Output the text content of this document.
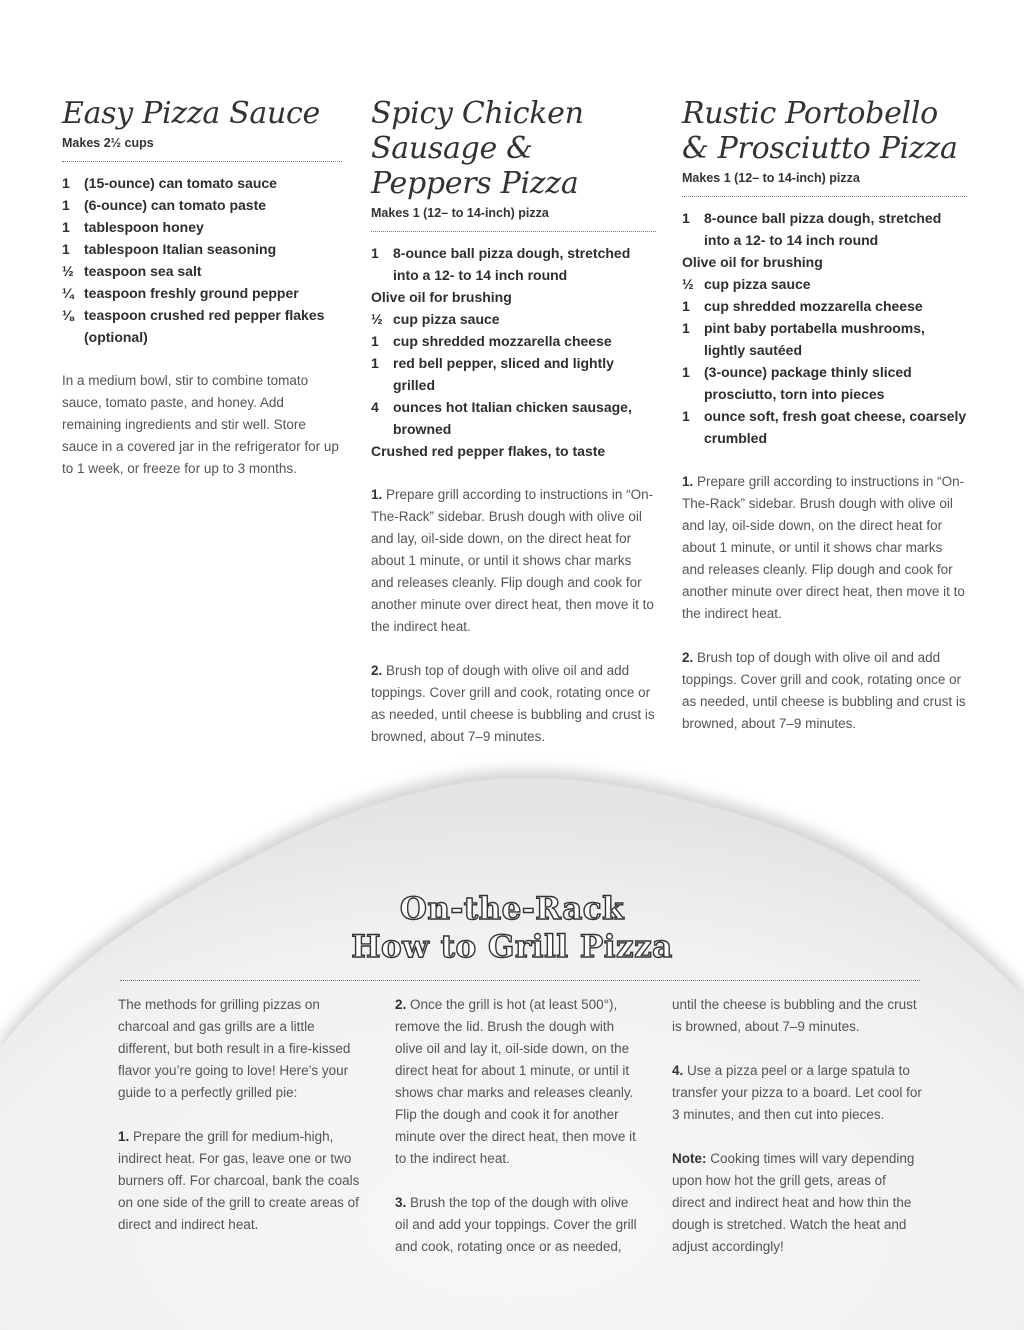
Easy Pizza Sauce
Makes 2½ cups
1	(15-ounce) can tomato sauce
1	(6-ounce) can tomato paste
1	tablespoon honey
1	tablespoon Italian seasoning
½ teaspoon sea salt
¼ teaspoon freshly ground pepper
⅛ teaspoon crushed red pepper flakes (optional)

In a medium bowl, stir to combine tomato sauce, tomato paste, and honey. Add remaining ingredients and stir well. Store sauce in a covered jar in the refrigerator for up to 1 week, or freeze for up to 3 months.

Spicy Chicken Sausage & Peppers Pizza
Makes 1 (12– to 14-inch) pizza
1	8-ounce ball pizza dough, stretched into a 12- to 14 inch round
Olive oil for brushing
½ cup pizza sauce
1	cup shredded mozzarella cheese
1	red bell pepper, sliced and lightly grilled
4	ounces hot Italian chicken sausage, browned
Crushed red pepper flakes, to taste

1. Prepare grill according to instructions in “On-The-Rack” sidebar. Brush dough with olive oil and lay, oil-side down, on the direct heat for about 1 minute, or until it shows char marks and releases cleanly. Flip dough and cook for another minute over direct heat, then move it to the indirect heat.

2. Brush top of dough with olive oil and add toppings. Cover grill and cook, rotating once or as needed, until cheese is bubbling and crust is browned, about 7–9 minutes.

Rustic Portobello & Prosciutto Pizza
Makes 1 (12– to 14-inch) pizza
1	8-ounce ball pizza dough, stretched into a 12- to 14 inch round
Olive oil for brushing
½ cup pizza sauce
1	cup shredded mozzarella cheese
1	pint baby portabella mushrooms, lightly sautéed
1	(3-ounce) package thinly sliced prosciutto, torn into pieces
1	ounce soft, fresh goat cheese, coarsely crumbled

1. Prepare grill according to instructions in “On-The-Rack” sidebar. Brush dough with olive oil and lay, oil-side down, on the direct heat for about 1 minute, or until it shows char marks and releases cleanly. Flip dough and cook for another minute over direct heat, then move it to the indirect heat.

2. Brush top of dough with olive oil and add toppings. Cover grill and cook, rotating once or as needed, until cheese is bubbling and crust is browned, about 7–9 minutes.

On-the-Rack
How to Grill Pizza

The methods for grilling pizzas on charcoal and gas grills are a little different, but both result in a fire-kissed flavor you’re going to love! Here’s your guide to a perfectly grilled pie:

1. Prepare the grill for medium-high, indirect heat. For gas, leave one or two burners off. For charcoal, bank the coals on one side of the grill to create areas of direct and indirect heat.

2. Once the grill is hot (at least 500°), remove the lid. Brush the dough with olive oil and lay it, oil-side down, on the direct heat for about 1 minute, or until it shows char marks and releases cleanly. Flip the dough and cook it for another minute over the direct heat, then move it to the indirect heat.

3. Brush the top of the dough with olive oil and add your toppings. Cover the grill and cook, rotating once or as needed,

until the cheese is bubbling and the crust is browned, about 7–9 minutes.

4. Use a pizza peel or a large spatula to transfer your pizza to a board. Let cool for 3 minutes, and then cut into pieces.

Note: Cooking times will vary depending upon how hot the grill gets, areas of direct and indirect heat and how thin the dough is stretched. Watch the heat and adjust accordingly!
